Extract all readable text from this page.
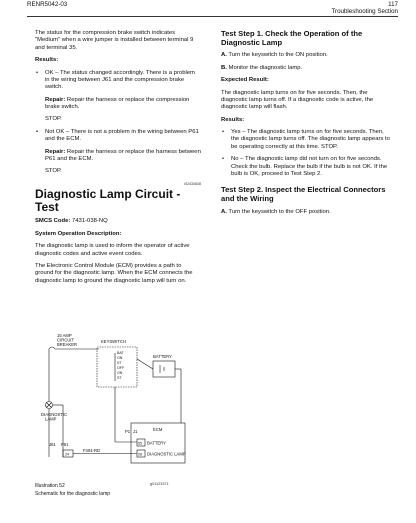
RENR5042-03	117
Troubleshooting Section

The status for the compression brake switch indicates "Medium" when a wire jumper is installed between terminal 9 and terminal 35.

Results:

• OK – The status changed accordingly. There is a problem in the wiring between J61 and the compression brake switch.

Repair: Repair the harness or replace the compression brake switch.

STOP.

• Not OK – There is not a problem in the wiring between P61 and the ECM.

Repair: Repair the harness or replace the harness between P61 and the ECM.

STOP.

i02430838
Diagnostic Lamp Circuit - Test

SMCS Code: 7431-038-NQ

System Operation Description:

The diagnostic lamp is used to inform the operator of active diagnostic codes and active event codes.

The Electronic Control Module (ECM) provides a path to ground for the diagnostic lamp. When the ECM connects the diagnostic lamp to ground the diagnostic lamp will turn on.

15 AMP
CIRCUIT
BREAKER
KEYSWITCH
BAT
ON
ST
OFF
ON
ST
BATTERY
DIAGNOSTIC
LAMP
ECM
P1 J1
J61 P61	65 BATTERY
28 DIAGNOSTIC LAMP
24
F404-RD
g01123371
Illustration 52
Schematic for the diagnostic lamp
Test Step 1. Check the Operation of the Diagnostic Lamp

A. Turn the keyswitch to the ON position.

B. Monitor the diagnostic lamp.

Expected Result:

The diagnostic lamp turns on for five seconds. Then, the diagnostic lamp turns off. If a diagnostic code is active, the diagnostic lamp will flash.

Results:

• Yes – The diagnostic lamp turns on for five seconds. Then, the diagnostic lamp turns off. The diagnostic lamp appears to be operating correctly at this time. STOP.
• No – The diagnostic lamp did not turn on for five seconds. Check the bulb. Replace the bulb if the bulb is not OK. If the bulb is OK, proceed to Test Step 2.
Test Step 2. Inspect the Electrical Connectors and the Wiring

A. Turn the keyswitch to the OFF position.
